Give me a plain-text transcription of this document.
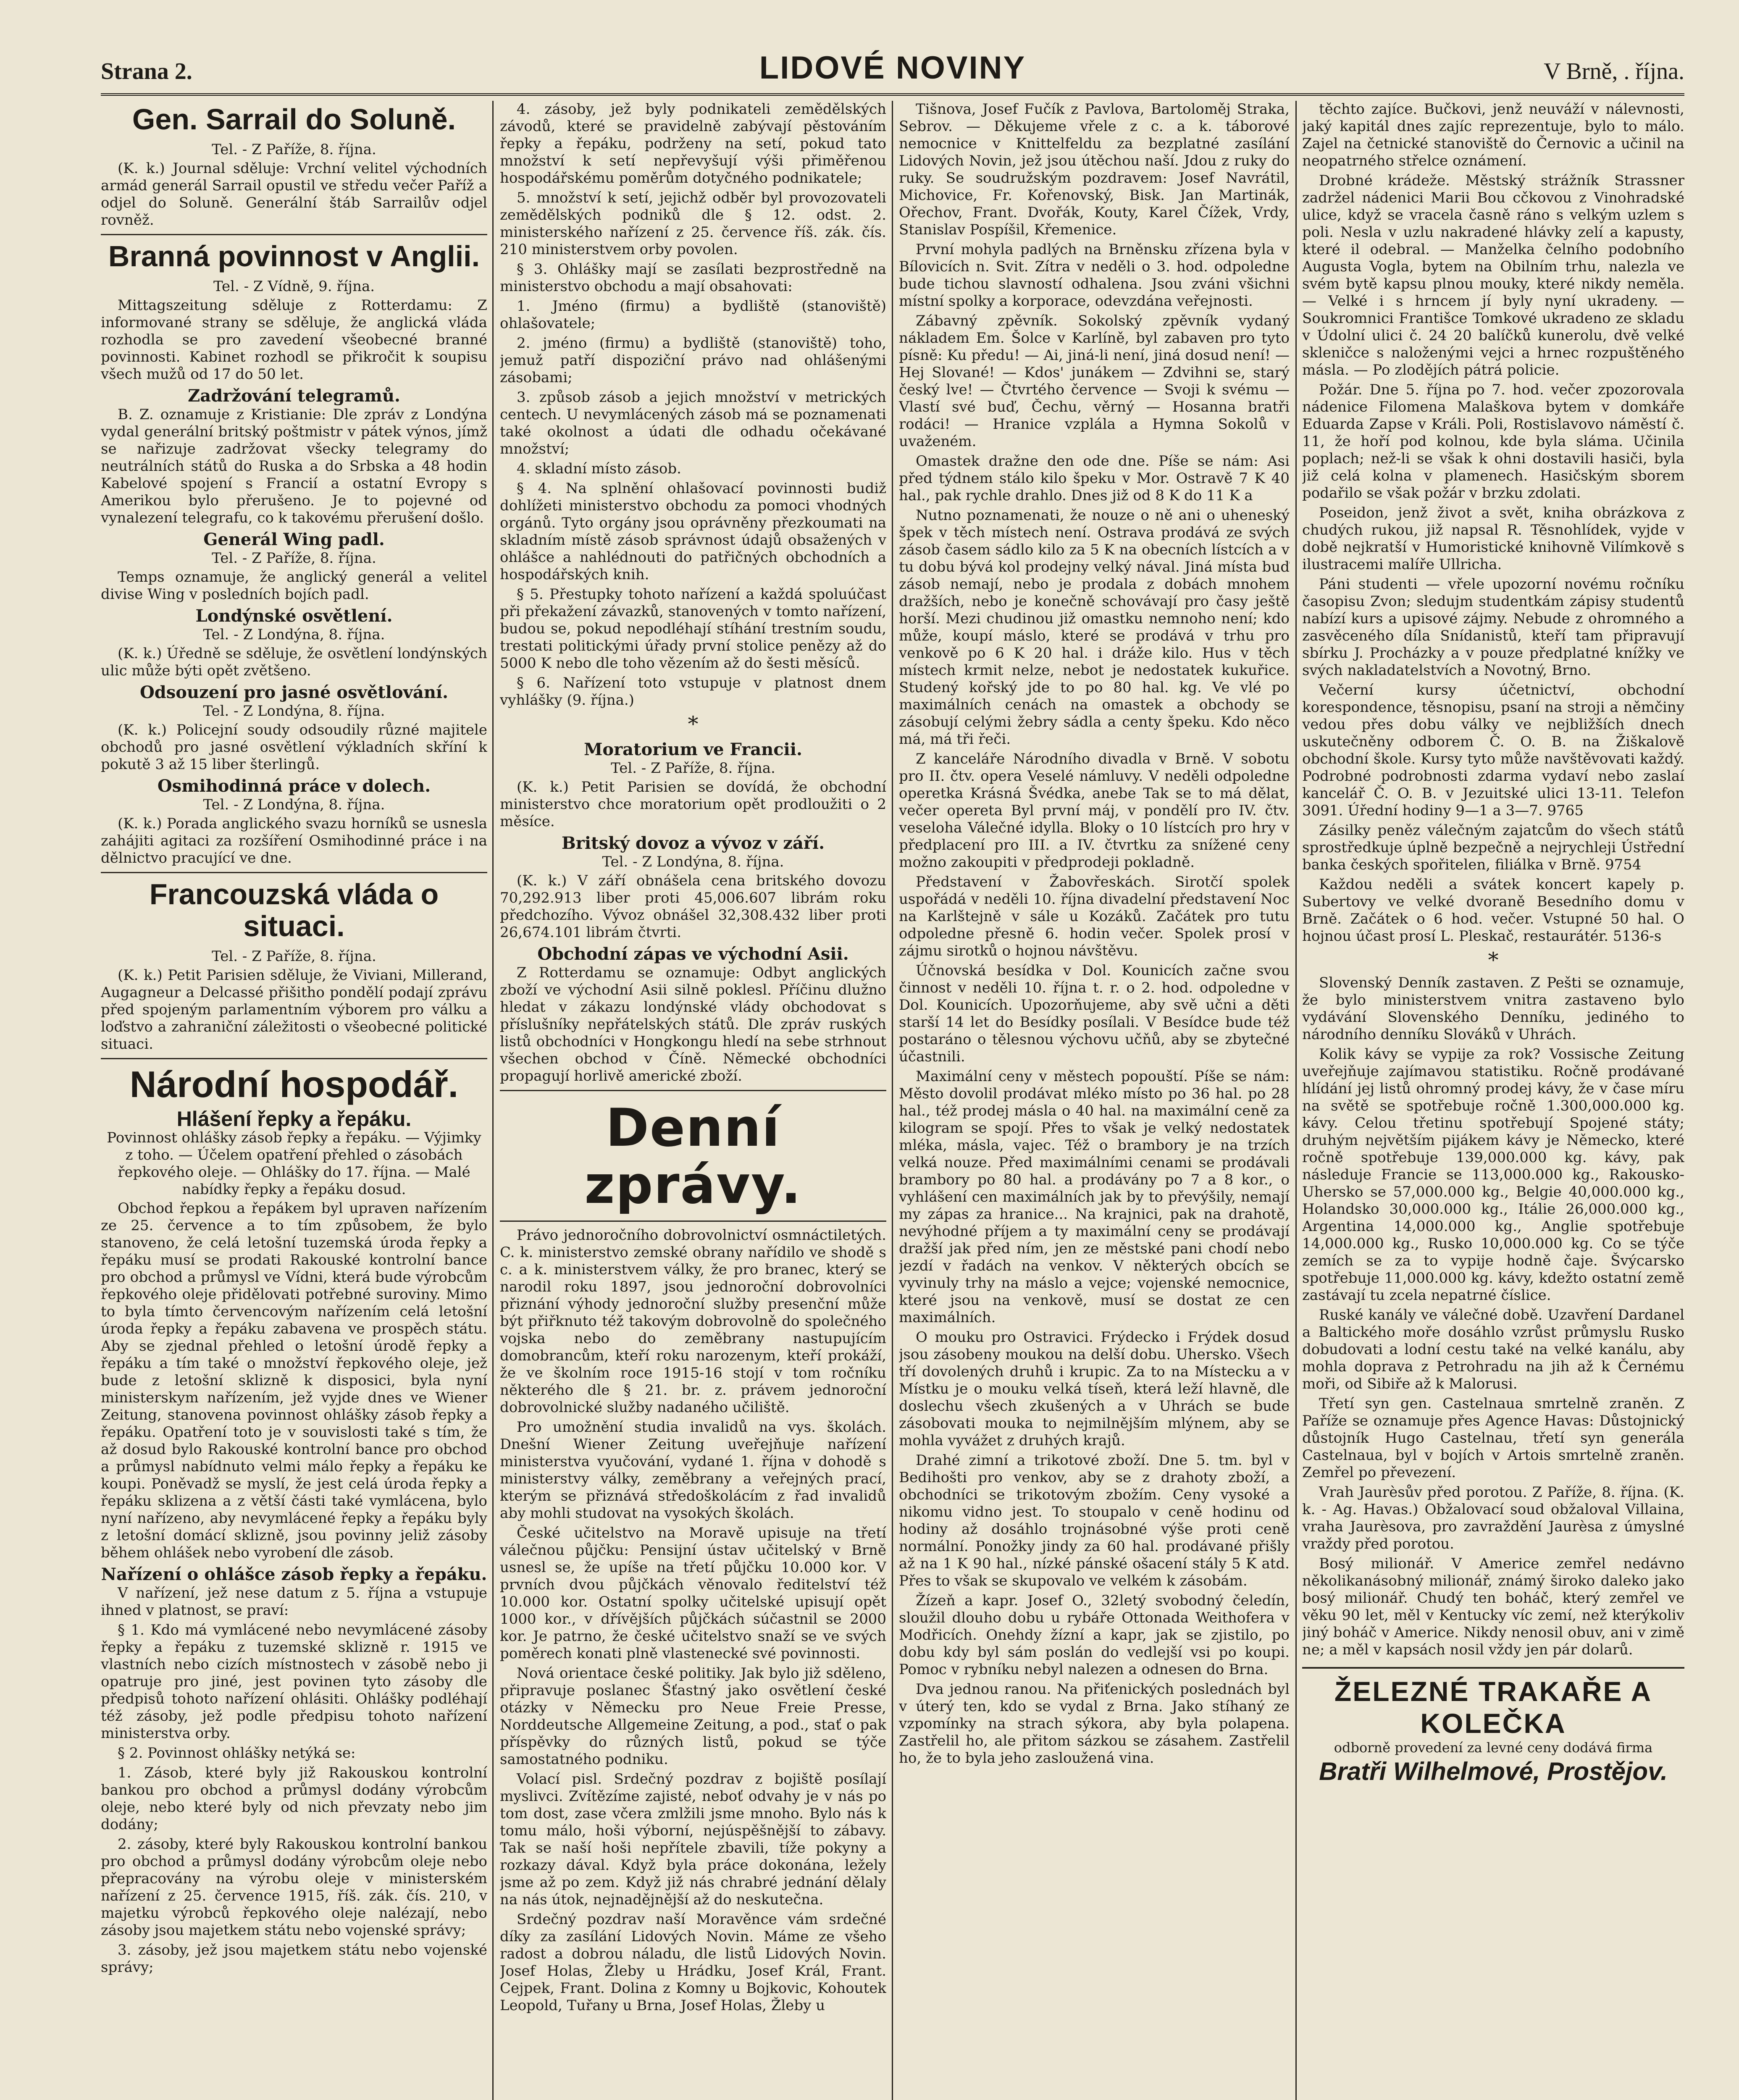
Strana 2.	LIDOVÉ NOVINY	V Brně, . října.
Gen. Sarrail do Soluně.
Tel. - Z Paříže, 8. října.

(K. k.) Journal sděluje: Vrchní velitel východních armád generál Sarrail opustil ve středu večer Paříž a odjel do Soluně. Generální štáb Sarrailův odjel rovněž.

Branná povinnost v Anglii.
Tel. - Z Vídně, 9. října.

Mittagszeitung sděluje z Rotterdamu: Z informované strany se sděluje, že anglická vláda rozhodla se pro zavedení všeobecné branné povinnosti. Kabinet rozhodl se přikročit k soupisu všech mužů od 17 do 50 let.

Zadržování telegramů.

B. Z. oznamuje z Kristianie: Dle zpráv z Londýna vydal generální britský poštmistr v pátek výnos, jímž se nařizuje zadržovat všecky telegramy do neutrálních států do Ruska a do Srbska a 48 hodin Kabelové spojení s Francií a ostatní Evropy s Amerikou bylo přerušeno. Je to pojevné od vynalezení telegrafu, co k takovému přerušení došlo.

Generál Wing padl.
Tel. - Z Paříže, 8. října.

Temps oznamuje, že anglický generál a velitel divise Wing v posledních bojích padl.

Londýnské osvětlení.
Tel. - Z Londýna, 8. října.

(K. k.) Úředně se sděluje, že osvětlení londýnských ulic může býti opět zvětšeno.

Odsouzení pro jasné osvětlování.
Tel. - Z Londýna, 8. října.

(K. k.) Policejní soudy odsoudily různé majitele obchodů pro jasné osvětlení výkladních skříní k pokutě 3 až 15 liber šterlingů.

Osmihodinná práce v dolech.
Tel. - Z Londýna, 8. října.

(K. k.) Porada anglického svazu horníků se usnesla zahájiti agitaci za rozšíření Osmihodinné práce i na dělnictvo pracující ve dne.

Francouzská vláda o situaci.
Tel. - Z Paříže, 8. října.

(K. k.) Petit Parisien sděluje, že Viviani, Millerand, Augagneur a Delcassé přišitho pondělí podají zprávu před spojeným parlamentním výborem pro válku a loďstvo a zahraniční záležitosti o všeobecné politické situaci.

Národní hospodář.
Hlášení řepky a řepáku.
Povinnost ohlášky zásob řepky a řepáku. — Výjimky z toho. — Účelem opatření přehled o zásobách řepkového oleje. — Ohlášky do 17. října. — Malé nabídky řepky a řepáku dosud.

Obchod řepkou a řepákem byl upraven nařízením ze 25. července a to tím způsobem, že bylo stanoveno, že celá letošní tuzemská úroda řepky a řepáku musí se prodati Rakouské kontrolní bance pro obchod a průmysl ve Vídni, která bude výrobcům řepkového oleje přidělovati potřebné suroviny. Mimo to byla tímto červencovým nařízením celá letošní úroda řepky a řepáku zabavena ve prospěch státu. Aby se zjednal přehled o letošní úrodě řepky a řepáku a tím také o množství řepkového oleje, jež bude z letošní sklizně k disposici, byla nyní ministerskym nařízením, jež vyjde dnes ve Wiener Zeitung, stanovena povinnost ohlášky zásob řepky a řepáku. Opatření toto je v souvislosti také s tím, že až dosud bylo Rakouské kontrolní bance pro obchod a průmysl nabídnuto velmi málo řepky a řepáku ke koupi. Poněvadž se myslí, že jest celá úroda řepky a řepáku sklizena a z větší části také vymlácena, bylo nyní nařízeno, aby nevymlácené řepky a řepáku byly z letošní domácí sklizně, jsou povinny jeliž zásoby během ohlášek nebo vyrobení dle zásob.

Nařízení o ohlášce zásob řepky a řepáku.

V nařízení, jež nese datum z 5. října a vstupuje ihned v platnost, se praví:

§ 1. Kdo má vymlácené nebo nevymlácené zásoby řepky a řepáku z tuzemské sklizně r. 1915 ve vlastních nebo cizích místnostech v zásobě nebo ji opatruje pro jiné, jest povinen tyto zásoby dle předpisů tohoto nařízení ohlásiti. Ohlášky podléhají též zásoby, jež podle předpisu tohoto nařízení ministerstva orby.

§ 2. Povinnost ohlášky netýká se:

1. Zásob, které byly již Rakouskou kontrolní bankou pro obchod a průmysl dodány výrobcům oleje, nebo které byly od nich převzaty nebo jim dodány;

2. zásoby, které byly Rakouskou kontrolní bankou pro obchod a průmysl dodány výrobcům oleje nebo přepracovány na výrobu oleje v ministerském nařízení z 25. července 1915, říš. zák. čís. 210, v majetku výrobců řepkového oleje nalézají, nebo zásoby jsou majetkem státu nebo vojenské správy;

3. zásoby, jež jsou majetkem státu nebo vojenské správy;

4. zásoby, jež byly podnikateli zemědělských závodů, které se pravidelně zabývají pěstováním řepky a řepáku, podrženy na setí, pokud tato množství k setí nepřevyšují výši přiměřenou hospodářskému poměrům dotyčného podnikatele;

5. množství k setí, jejichž odběr byl provozovateli zemědělských podniků dle § 12. odst. 2. ministerského nařízení z 25. července říš. zák. čís. 210 ministerstvem orby povolen.

§ 3. Ohlášky mají se zasílati bezprostředně na ministerstvo obchodu a mají obsahovati:

1. Jméno (firmu) a bydliště (stanoviště) ohlašovatele;

2. jméno (firmu) a bydliště (stanoviště) toho, jemuž patří dispoziční právo nad ohlášenými zásobami;

3. způsob zásob a jejich množství v metrických centech. U nevymlácených zásob má se poznamenati také okolnost a údati dle odhadu očekávané množství;

4. skladní místo zásob.

§ 4. Na splnění ohlašovací povinnosti budiž dohlížeti ministerstvo obchodu za pomoci vhodných orgánů. Tyto orgány jsou oprávněny přezkoumati na skladním místě zásob správnost údajů obsažených v ohlášce a nahlédnouti do patřičných obchodních a hospodářských knih.

§ 5. Přestupky tohoto nařízení a každá spoluúčast při překažení závazků, stanovených v tomto nařízení, budou se, pokud nepodléhají stíhání trestním soudu, trestati politickými úřady první stolice penězy až do 5000 K nebo dle toho vězením až do šesti měsíců.

§ 6. Nařízení toto vstupuje v platnost dnem vyhlášky (9. října.)

*
Moratorium ve Francii.
Tel. - Z Paříže, 8. října.

(K. k.) Petit Parisien se dovídá, že obchodní ministerstvo chce moratorium opět prodloužiti o 2 měsíce.

Britský dovoz a vývoz v září.
Tel. - Z Londýna, 8. října.

(K. k.) V září obnášela cena britského dovozu 70,292.913 liber proti 45,006.607 librám roku předchozího. Vývoz obnášel 32,308.432 liber proti 26,674.101 librám čtvrti.

Obchodní zápas ve východní Asii.

Z Rotterdamu se oznamuje: Odbyt anglických zboží ve východní Asii silně poklesl. Příčinu dlužno hledat v zákazu londýnské vlády obchodovat s příslušníky nepřátelských států. Dle zpráv ruských listů obchodníci v Hongkongu hledí na sebe strhnout všechen obchod v Číně. Německé obchodníci propagují horlivě americké zboží.

Denní zprávy.

Právo jednoročního dobrovolnictví osmnáctiletých. C. k. ministerstvo zemské obrany nařídilo ve shodě s c. a k. ministerstvem války, že pro branec, který se narodil roku 1897, jsou jednoroční dobrovolníci přiznání výhody jednoroční služby presenční může být přiřknuto též takovým dobrovolně do společného vojska nebo do zeměbrany nastupujícím domobrancům, kteří roku narozenym, kteří prokáží, že ve školním roce 1915-16 stojí v tom ročníku některého dle § 21. br. z. právem jednoroční dobrovolnické služby nadaného učiliště.

Pro umožnění studia invalidů na vys. školách. Dnešní Wiener Zeitung uveřejňuje nařízení ministerstva vyučování, vydané 1. října v dohodě s ministerstvy války, zeměbrany a veřejných prací, kterým se přiznává středoškolácím z řad invalidů aby mohli studovat na vysokých školách.

České učitelstvo na Moravě upisuje na třetí válečnou půjčku: Pensijní ústav učitelský v Brně usnesl se, že upíše na třetí půjčku 10.000 kor. V prvních dvou půjčkách věnovalo ředitelství též 10.000 kor. Ostatní spolky učitelské upisují opět 1000 kor., v dřívějších půjčkách súčastnil se 2000 kor. Je patrno, že české učitelstvo snaží se ve svých poměrech konati plně vlastenecké své povinnosti.

Nová orientace české politiky. Jak bylo již sděleno, připravuje poslanec Šťastný jako osvětlení české otázky v Německu pro Neue Freie Presse, Norddeutsche Allgemeine Zeitung, a pod., stať o pak příspěvky do různých listů, pokud se týče samostatného podniku.

Volací pisl. Srdečný pozdrav z bojiště posílají myslivci. Zvítězíme zajisté, neboť odvahy je v nás po tom dost, zase včera zmlžili jsme mnoho. Bylo nás k tomu málo, hoši výborní, nejúspěšnější to zábavy. Tak se naší hoši nepřítele zbavili, tíže pokyny a rozkazy dával. Když byla práce dokonána, ležely jsme až po zem. Když již nás chrabré jednání dělaly na nás útok, nejnadějnější až do neskutečna.

Srdečný pozdrav naší Moravěnce vám srdečné díky za zasílání Lidových Novin. Máme ze všeho radost a dobrou náladu, dle listů Lidových Novin. Josef Holas, Žleby u Hrádku, Josef Král, Frant. Cejpek, Frant. Dolina z Komny u Bojkovic, Kohoutek Leopold, Tuřany u Brna, Josef Holas, Žleby u

Tišnova, Josef Fučík z Pavlova, Bartoloměj Straka, Sebrov. — Děkujeme vřele z c. a k. táborové nemocnice v Knittelfeldu za bezplatné zasílání Lidových Novin, jež jsou útěchou naší. Jdou z ruky do ruky. Se soudružským pozdravem: Josef Navrátil, Michovice, Fr. Kořenovský, Bisk. Jan Martinák, Ořechov, Frant. Dvořák, Kouty, Karel Čížek, Vrdy, Stanislav Pospíšil, Křemenice.

První mohyla padlých na Brněnsku zřízena byla v Bílovicích n. Svit. Zítra v neděli o 3. hod. odpoledne bude tichou slavností odhalena. Jsou zváni všichni místní spolky a korporace, odevzdána veřejnosti.

Zábavný zpěvník. Sokolský zpěvník vydaný nákladem Em. Šolce v Karlíně, byl zabaven pro tyto písně: Ku předu! — Ai, jiná-li není, jiná dosud není! — Hej Slované! — Kdos' junákem — Zdvihni se, starý český lve! — Čtvrtého července — Svoji k svému — Vlastí své buď, Čechu, věrný — Hosanna bratři rodáci! — Hranice vzplála a Hymna Sokolů v uvaženém.

Omastek dražne den ode dne. Píše se nám: Asi před týdnem stálo kilo špeku v Mor. Ostravě 7 K 40 hal., pak rychle drahlo. Dnes již od 8 K do 11 K a

Nutno poznamenati, že nouze o ně ani o uheneský špek v těch místech není. Ostrava prodává ze svých zásob časem sádlo kilo za 5 K na obecních lístcích a v tu dobu bývá kol prodejny velký nával. Jiná místa buď zásob nemají, nebo je prodala z dobách mnohem dražších, nebo je konečně schovávají pro časy ještě horší. Mezi chudinou již omastku nemnoho není; kdo může, koupí máslo, které se prodává v trhu pro venkově po 6 K 20 hal. i dráže kilo. Hus v těch místech krmit nelze, nebot je nedostatek kukuřice. Studený kořský jde to po 80 hal. kg. Ve vlé po maximálních cenách na omastek a obchody se zásobují celými žebry sádla a centy špeku. Kdo něco má, má tři řeči.

Z kanceláře Národního divadla v Brně. V sobotu pro II. čtv. opera Veselé námluvy. V neděli odpoledne operetka Krásná Švédka, anebe Tak se to má dělat, večer opereta Byl první máj, v pondělí pro IV. čtv. veseloha Válečné idylla. Bloky o 10 lístcích pro hry v předplacení pro III. a IV. čtvrtku za snížené ceny možno zakoupiti v předprodeji pokladně.

Představení v Žabovřeskách. Sirotčí spolek uspořádá v neděli 10. října divadelní představení Noc na Karlštejně v sále u Kozáků. Začátek pro tutu odpoledne přesně 6. hodin večer. Spolek prosí v zájmu sirotků o hojnou návštěvu.

Účnovská besídka v Dol. Kounicích začne svou činnost v neděli 10. října t. r. o 2. hod. odpoledne v Dol. Kounicích. Upozorňujeme, aby svě učni a děti starší 14 let do Besídky posílali. V Besídce bude též postaráno o tělesnou výchovu učňů, aby se zbytečné účastnili.

Maximální ceny v městech popouští. Píše se nám: Město dovolil prodávat mléko místo po 36 hal. po 28 hal., též prodej másla o 40 hal. na maximální ceně za kilogram se spojí. Přes to však je velký nedostatek mléka, másla, vajec. Též o brambory je na trzích velká nouze. Před maximálními cenami se prodávali brambory po 80 hal. a prodávány po 7 a 8 kor., o vyhlášení cen maximálních jak by to převýšily, nemají my zápas za hranice... Na krajnici, pak na drahotě, nevýhodné příjem a ty maximální ceny se prodávají dražší jak před ním, jen ze městské pani chodí nebo jezdí v řadách na venkov. V některých obcích se vyvinuly trhy na máslo a vejce; vojenské nemocnice, které jsou na venkově, musí se dostat ze cen maximálních.

O mouku pro Ostravici. Frýdecko i Frýdek dosud jsou zásobeny moukou na delší dobu. Uhersko. Všech tří dovolených druhů i krupic. Za to na Místecku a v Místku je o mouku velká tíseň, která leží hlavně, dle doslechu všech zkušených a v Uhrách se bude zásobovati mouka to nejmilnějším mlýnem, aby se mohla vyvážet z druhých krajů.

Drahé zimní a trikotové zboží. Dne 5. tm. byl v Bedihošti pro venkov, aby se z drahoty zboží, a obchodníci se trikotovým zbožím. Ceny vysoké a nikomu vidno jest. To stoupalo v ceně hodinu od hodiny až dosáhlo trojnásobné výše proti ceně normální. Ponožky jindy za 60 hal. prodávané přišly až na 1 K 90 hal., nízké pánské ošacení stály 5 K atd. Přes to však se skupovalo ve velkém k zásobám.

Žízeň a kapr. Josef O., 32letý svobodný čeledín, sloužil dlouho dobu u rybáře Ottonada Weithofera v Modřicích. Onehdy žízní a kapr, jak se zjistilo, po dobu kdy byl sám poslán do vedlejší vsi po koupi. Pomoc v rybníku nebyl nalezen a odnesen do Brna.

Dva jednou ranou. Na přiťenických poslednách byl v úterý ten, kdo se vydal z Brna. Jako stíhaný ze vzpomínky na strach sýkora, aby byla polapena. Zastřelil ho, ale přitom sázkou se zásahem. Zastřelil ho, že to byla jeho zasloužená vina.

těchto zajíce. Bučkovi, jenž neuváží v nálevnosti, jaký kapitál dnes zajíc reprezentuje, bylo to málo. Zajel na četnické stanoviště do Černovic a učinil na neopatrného střelce oznámení.

Drobné krádeže. Městský strážník Strassner zadržel nádenici Marii Bou cčkovou z Vinohradské ulice, když se vracela časně ráno s velkým uzlem s poli. Nesla v uzlu nakradené hlávky zelí a kapusty, které il odebral. — Manželka čelního podobního Augusta Vogla, bytem na Obilním trhu, nalezla ve svém bytě kapsu plnou mouky, které nikdy neměla. — Velké i s hrncem jí byly nyní ukradeny. — Soukromnici Františce Tomkové ukradeno ze skladu v Údolní ulici č. 24 20 balíčků kunerolu, dvě velké skleničce s naloženými vejci a hrnec rozpuštěného másla. — Po zlodějích pátrá policie.

Požár. Dne 5. října po 7. hod. večer zpozorovala nádenice Filomena Malaškova bytem v domkáře Eduarda Zapse v Králi. Poli, Rostislavovo náměstí č. 11, že hoří pod kolnou, kde byla sláma. Učinila poplach; než-li se však k ohni dostavili hasiči, byla již celá kolna v plamenech. Hasičským sborem podařilo se však požár v brzku zdolati.

Poseidon, jenž život a svět, kniha obrázkova z chudých rukou, již napsal R. Těsnohlídek, vyjde v době nejkratší v Humoristické knihovně Vilímkově s ilustracemi malíře Ullricha.

Páni studenti — vřele upozorní novému ročníku časopisu Zvon; sledujm studentkám zápisy studentů nabízí kurs a upisové zájmy. Nebude z ohromného a zasvěceného díla Snídanistů, kteří tam připravují sbírku J. Procházky a v pouze předplatné knížky ve svých nakladatelstvích a Novotný, Brno.

Večerní kursy účetnictví, obchodní korespondence, těsnopisu, psaní na stroji a němčiny vedou přes dobu války ve nejbližších dnech uskutečněny odborem Č. O. B. na Žiškalově obchodní škole. Kursy tyto může navštěvovati každý. Podrobné podrobnosti zdarma vydaví nebo zaslaí kancelář Č. O. B. v Jezuitské ulici 13-11. Telefon 3091. Úřední hodiny 9—1 a 3—7. 9765

Zásilky peněz válečným zajatcům do všech států sprostředkuje úplně bezpečně a nejrychleji Ústřední banka českých spořitelen, filiálka v Brně. 9754

Každou neděli a svátek koncert kapely p. Subertovy ve velké dvoraně Besedního domu v Brně. Začátek o 6 hod. večer. Vstupné 50 hal. O hojnou účast prosí L. Pleskač, restaurátér. 5136-s

*

Slovenský Denník zastaven. Z Pešti se oznamuje, že bylo ministerstvem vnitra zastaveno bylo vydávání Slovenského Denníku, jediného to národního denníku Slováků v Uhrách.

Kolik kávy se vypije za rok? Vossische Zeitung uveřejňuje zajímavou statistiku. Ročně prodávané hlídání jej listů ohromný prodej kávy, že v čase míru na světě se spotřebuje ročně 1.300,000.000 kg. kávy. Celou třetinu spotřebují Spojené státy; druhým největším pijákem kávy je Německo, které ročně spotřebuje 139,000.000 kg. kávy, pak následuje Francie se 113,000.000 kg., Rakousko-Uhersko se 57,000.000 kg., Belgie 40,000.000 kg., Holandsko 30,000.000 kg., Itálie 26,000.000 kg., Argentina 14,000.000 kg., Anglie spotřebuje 14,000.000 kg., Rusko 10,000.000 kg. Co se týče zemích se za to vypije hodně čaje. Švýcarsko spotřebuje 11,000.000 kg. kávy, kdežto ostatní země zastávají tu zcela nepatrné číslice.

Ruské kanály ve válečné době. Uzavření Dardanel a Baltického moře dosáhlo vzrůst průmyslu Rusko dobudovati a lodní cestu také na velké kanálu, aby mohla doprava z Petrohradu na jih až k Černému moři, od Sibiře až k Malorusi.

Třetí syn gen. Castelnaua smrtelně zraněn. Z Paříže se oznamuje přes Agence Havas: Důstojnický důstojník Hugo Castelnau, třetí syn generála Castelnaua, byl v bojích v Artois smrtelně zraněn. Zemřel po převezení.

Vrah Jaurèsův před porotou. Z Paříže, 8. října. (K. k. - Ag. Havas.) Obžalovací soud obžaloval Villaina, vraha Jaurèsova, pro zavraždění Jaurèsa z úmyslné vraždy před porotou.

Bosý milionář. V Americe zemřel nedávno několikanásobný milionář, známý široko daleko jako bosý milionář. Chudý ten boháč, který zemřel ve věku 90 let, měl v Kentucky víc zemí, než kterýkoliv jiný boháč v Americe. Nikdy nenosil obuv, ani v zimě ne; a měl v kapsách nosil vždy jen pár dolarů.

ŽELEZNÉ TRAKAŘE A KOLEČKA
odborně provedení za levné ceny dodává firma
Bratři Wilhelmové, Prostějov.
